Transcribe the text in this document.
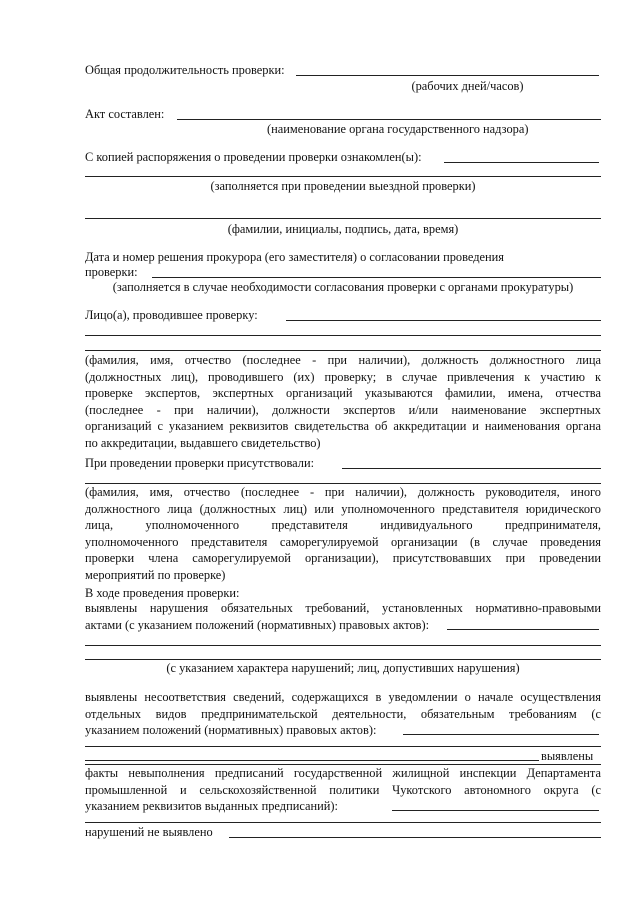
Общая продолжительность проверки:
(рабочих дней/часов)
Акт составлен:
(наименование органа государственного надзора)
С копией распоряжения о проведении проверки ознакомлен(ы):
(заполняется при проведении выездной проверки)
(фамилии, инициалы, подпись, дата, время)
Дата и номер решения прокурора (его заместителя) о согласовании проведения
проверки:
(заполняется в случае необходимости согласования проверки с органами прокуратуры)
Лицо(а), проводившее проверку:
(фамилия, имя, отчество (последнее - при наличии), должность должностного лица
(должностных лиц), проводившего (их) проверку; в случае привлечения к участию к
проверке экспертов, экспертных организаций указываются фамилии, имена, отчества
(последнее - при наличии), должности экспертов и/или наименование экспертных
организаций с указанием реквизитов свидетельства об аккредитации и наименования органа
по аккредитации, выдавшего свидетельство)
При проведении проверки присутствовали:
(фамилия, имя, отчество (последнее - при наличии), должность руководителя, иного
должностного лица (должностных лиц) или уполномоченного представителя юридического
лица, уполномоченного представителя индивидуального предпринимателя,
уполномоченного представителя саморегулируемой организации (в случае проведения
проверки члена саморегулируемой организации), присутствовавших при проведении
мероприятий по проверке)
В ходе проведения проверки:
выявлены нарушения обязательных требований, установленных нормативно-правовыми
актами (с указанием положений (нормативных) правовых актов):
(с указанием характера нарушений; лиц, допустивших нарушения)
выявлены несоответствия сведений, содержащихся в уведомлении о начале осуществления
отдельных видов предпринимательской деятельности, обязательным требованиям (с
указанием положений (нормативных) правовых актов):
выявлены
факты невыполнения предписаний государственной жилищной инспекции Департамента
промышленной и сельскохозяйственной политики Чукотского автономного округа (с
указанием реквизитов выданных предписаний):
нарушений не выявлено
